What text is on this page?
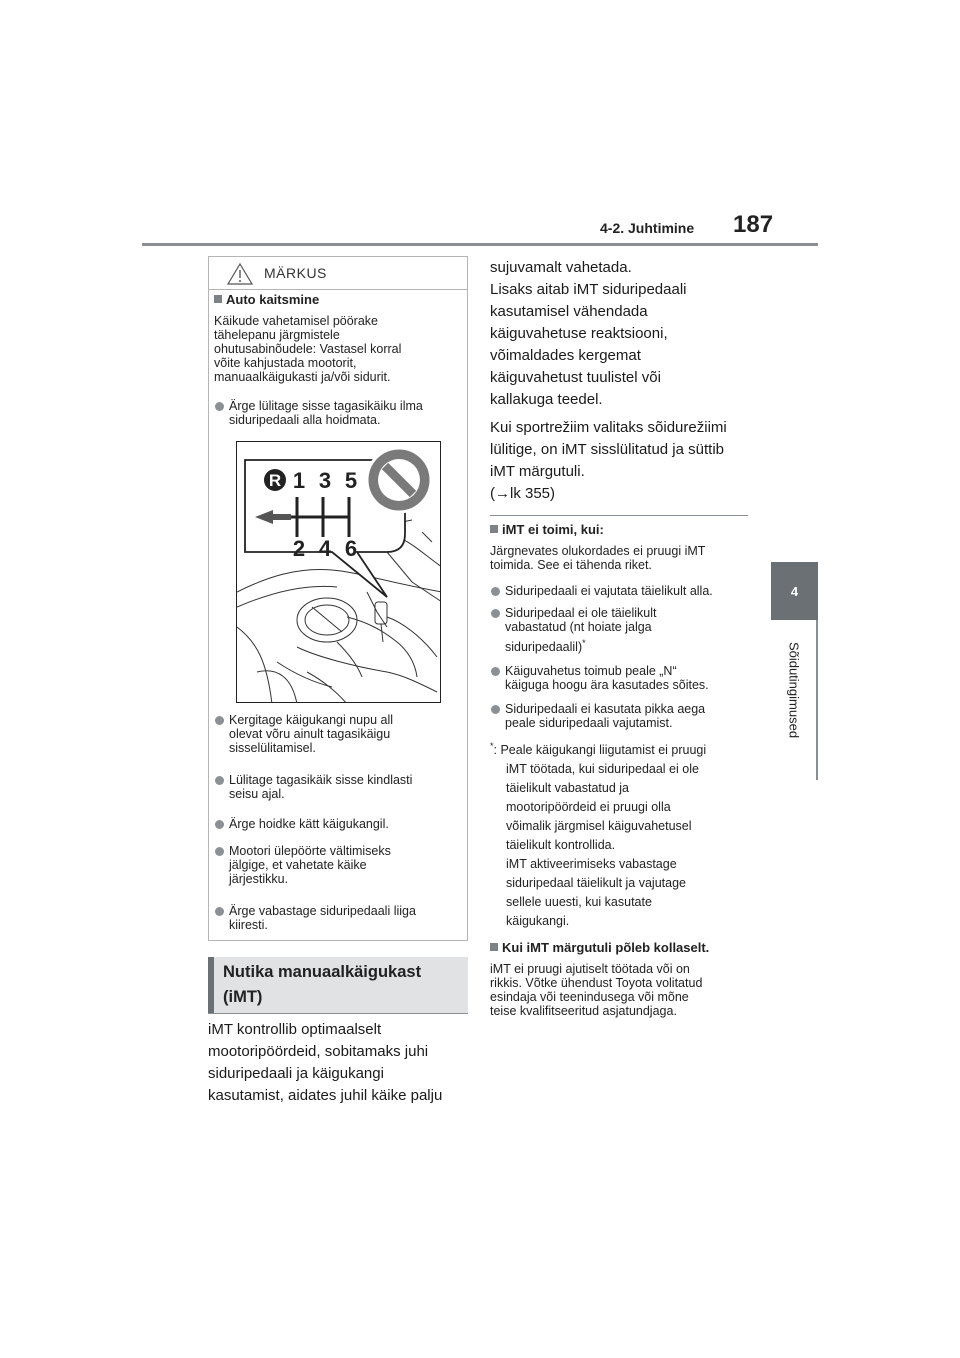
4-2. Juhtimine 187
4
Sõidutingimused
MÄRKUS
Auto kaitsmine
Käikude vahetamisel pöörake
tähelepanu järgmistele
ohutusabinõudele: Vastasel korral
võite kahjustada mootorit,
manuaalkäigukasti ja/või sidurit.
Ärge lülitage sisse tagasikäiku ilma
siduripedaali alla hoidmata.
R 1 3 5
2 4 6
Kergitage käigukangi nupu all
olevat võru ainult tagasikäigu
sisselülitamisel.
Lülitage tagasikäik sisse kindlasti
seisu ajal.
Ärge hoidke kätt käigukangil.
Mootori ülepöörte vältimiseks
jälgige, et vahetate käike
järjestikku.
Ärge vabastage siduripedaali liiga
kiiresti.
Nutika manuaalkäigukast
(iMT)
iMT kontrollib optimaalselt
mootoripöördeid, sobitamaks juhi
siduripedaali ja käigukangi
kasutamist, aidates juhil käike palju
sujuvamalt vahetada.
Lisaks aitab iMT siduripedaali
kasutamisel vähendada
käiguvahetuse reaktsiooni,
võimaldades kergemat
käiguvahetust tuulistel või
kallakuga teedel.
Kui sportrežiim valitaks sõidurežiimi
lülitige, on iMT sisslülitatud ja süttib
iMT märgutuli.
(→lk 355)
iMT ei toimi, kui:
Järgnevates olukordades ei pruugi iMT
toimida. See ei tähenda riket.
Siduripedaali ei vajutata täielikult alla.
Siduripedaal ei ole täielikult
vabastatud (nt hoiate jalga
siduripedaalil)*
Käiguvahetus toimub peale „N“
käiguga hoogu ära kasutades sõites.
Siduripedaali ei kasutata pikka aega
peale siduripedaali vajutamist.
*: Peale käigukangi liigutamist ei pruugi
iMT töötada, kui siduripedaal ei ole
täielikult vabastatud ja
mootoripöördeid ei pruugi olla
võimalik järgmisel käiguvahetusel
täielikult kontrollida.
iMT aktiveerimiseks vabastage
siduripedaal täielikult ja vajutage
sellele uuesti, kui kasutate
käigukangi.
Kui iMT märgutuli põleb kollaselt.
iMT ei pruugi ajutiselt töötada või on
rikkis. Võtke ühendust Toyota volitatud
esindaja või teenindusega või mõne
teise kvalifitseeritud asjatundjaga.
